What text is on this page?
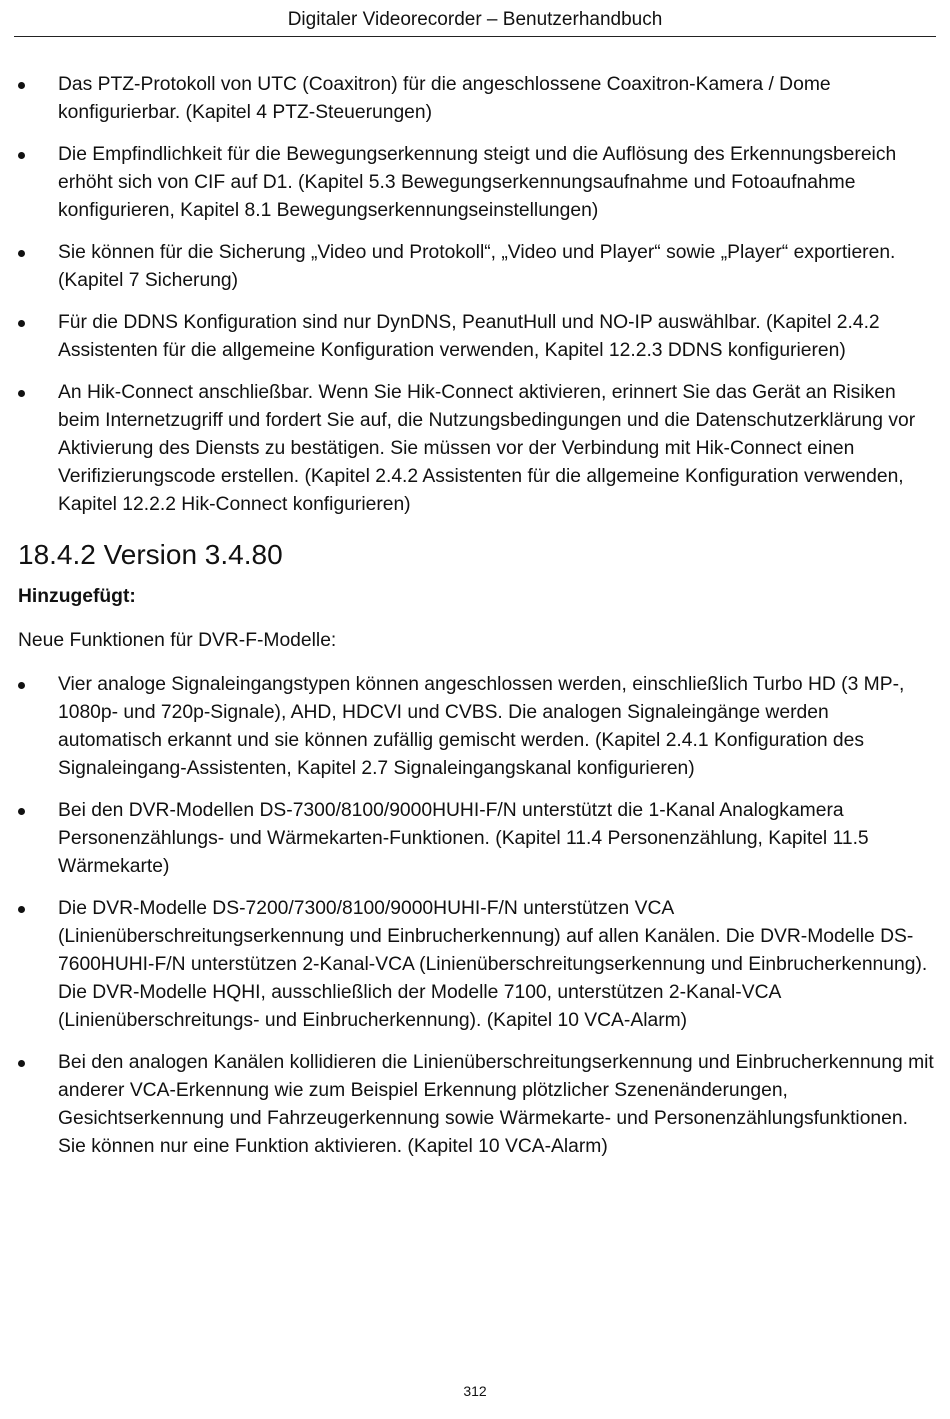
Digitaler Videorecorder – Benutzerhandbuch
Das PTZ-Protokoll von UTC (Coaxitron) für die angeschlossene Coaxitron-Kamera / Dome konfigurierbar. (Kapitel 4 PTZ-Steuerungen)
Die Empfindlichkeit für die Bewegungserkennung steigt und die Auflösung des Erkennungsbereich erhöht sich von CIF auf D1. (Kapitel 5.3 Bewegungserkennungsaufnahme und Fotoaufnahme konfigurieren, Kapitel 8.1 Bewegungserkennungseinstellungen)
Sie können für die Sicherung „Video und Protokoll“, „Video und Player“ sowie „Player“ exportieren. (Kapitel 7 Sicherung)
Für die DDNS Konfiguration sind nur DynDNS, PeanutHull und NO-IP auswählbar. (Kapitel 2.4.2 Assistenten für die allgemeine Konfiguration verwenden, Kapitel 12.2.3 DDNS konfigurieren)
An Hik-Connect anschließbar. Wenn Sie Hik-Connect aktivieren, erinnert Sie das Gerät an Risiken beim Internetzugriff und fordert Sie auf, die Nutzungsbedingungen und die Datenschutzerklärung vor Aktivierung des Diensts zu bestätigen. Sie müssen vor der Verbindung mit Hik-Connect einen Verifizierungscode erstellen. (Kapitel 2.4.2 Assistenten für die allgemeine Konfiguration verwenden, Kapitel 12.2.2 Hik-Connect konfigurieren)
18.4.2 Version 3.4.80
Hinzugefügt:
Neue Funktionen für DVR-F-Modelle:
Vier analoge Signaleingangstypen können angeschlossen werden, einschließlich Turbo HD (3 MP-, 1080p- und 720p-Signale), AHD, HDCVI und CVBS. Die analogen Signaleingänge werden automatisch erkannt und sie können zufällig gemischt werden. (Kapitel 2.4.1 Konfiguration des Signaleingang-Assistenten, Kapitel 2.7 Signaleingangskanal konfigurieren)
Bei den DVR-Modellen DS-7300/8100/9000HUHI-F/N unterstützt die 1-Kanal Analogkamera Personenzählungs- und Wärmekarten-Funktionen. (Kapitel 11.4 Personenzählung, Kapitel 11.5 Wärmekarte)
Die DVR-Modelle DS-7200/7300/8100/9000HUHI-F/N unterstützen VCA (Linienüberschreitungserkennung und Einbrucherkennung) auf allen Kanälen. Die DVR-Modelle DS-7600HUHI-F/N unterstützen 2-Kanal-VCA (Linienüberschreitungserkennung und Einbrucherkennung). Die DVR-Modelle HQHI, ausschließlich der Modelle 7100, unterstützen 2-Kanal-VCA (Linienüberschreitungs- und Einbrucherkennung). (Kapitel 10 VCA-Alarm)
Bei den analogen Kanälen kollidieren die Linienüberschreitungserkennung und Einbrucherkennung mit anderer VCA-Erkennung wie zum Beispiel Erkennung plötzlicher Szenenänderungen, Gesichtserkennung und Fahrzeugerkennung sowie Wärmekarte- und Personenzählungsfunktionen. Sie können nur eine Funktion aktivieren. (Kapitel 10 VCA-Alarm)
312
